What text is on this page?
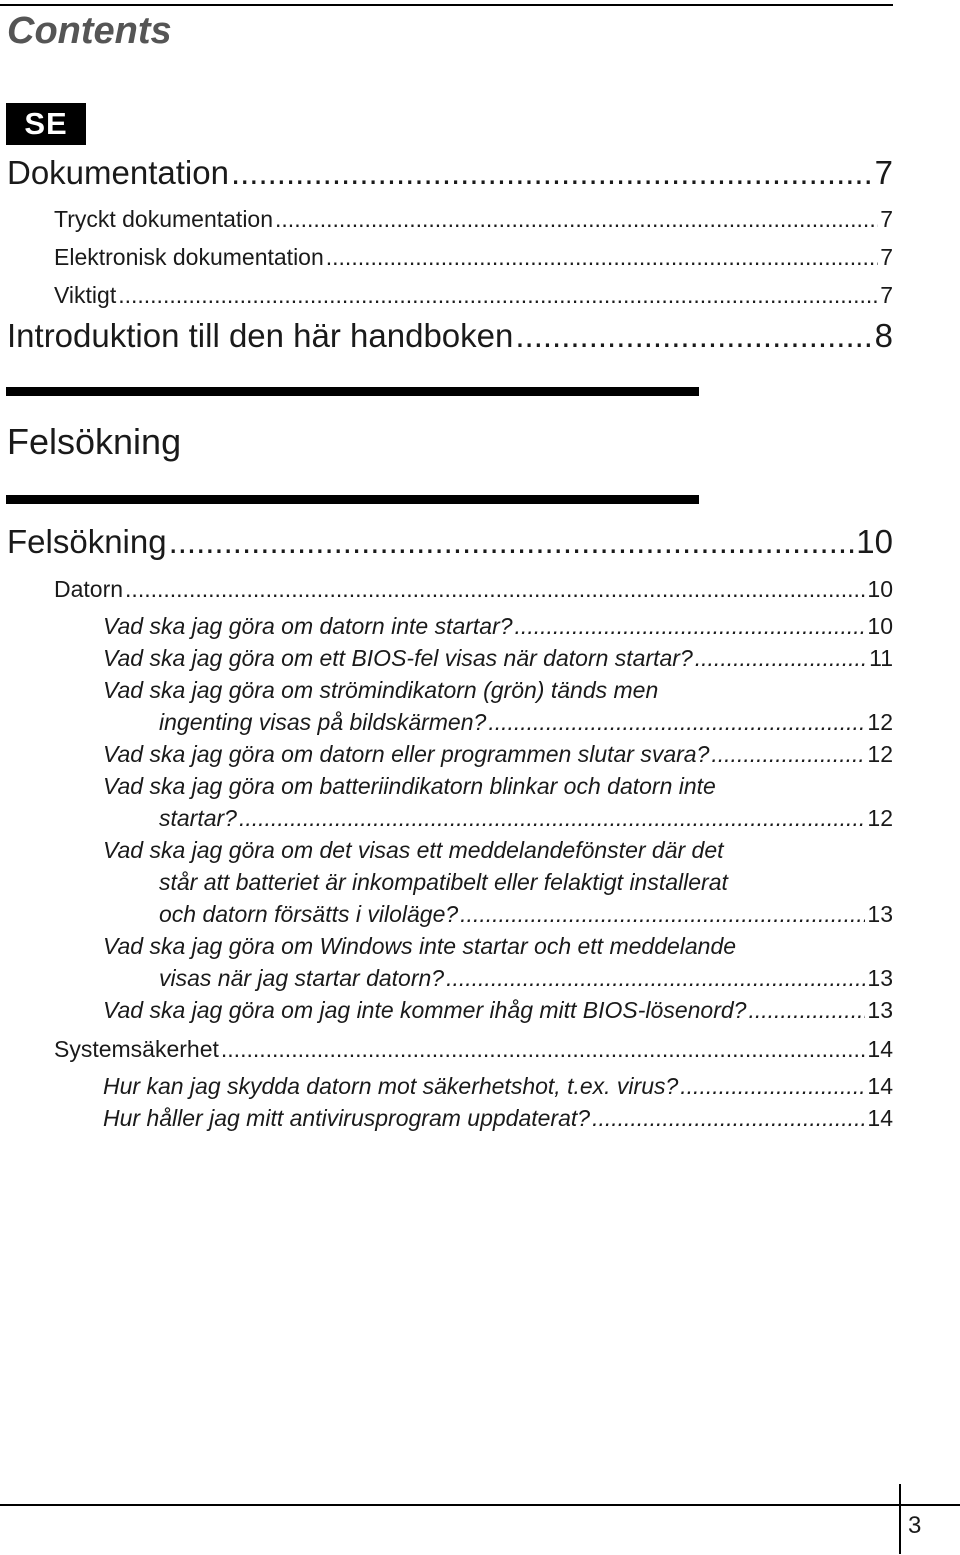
Contents
SE
Dokumentation .....	7
Tryckt dokumentation .....	7
Elektronisk dokumentation .....	7
Viktigt .....	7
Introduktion till den här handboken .....	8
Felsökning
Felsökning .....	10
Datorn .....	10
Vad ska jag göra om datorn inte startar? .....	10
Vad ska jag göra om ett BIOS-fel visas när datorn startar? .....	11
Vad ska jag göra om strömindikatorn (grön) tänds men
ingenting visas på bildskärmen? .....	12
Vad ska jag göra om datorn eller programmen slutar svara? .....	12
Vad ska jag göra om batteriindikatorn blinkar och datorn inte
startar? .....	12
Vad ska jag göra om det visas ett meddelandefönster där det
står att batteriet är inkompatibelt eller felaktigt installerat
och datorn försätts i viloläge? .....	13
Vad ska jag göra om Windows inte startar och ett meddelande
visas när jag startar datorn? .....	13
Vad ska jag göra om jag inte kommer ihåg mitt BIOS-lösenord? .....	13
Systemsäkerhet .....	14
Hur kan jag skydda datorn mot säkerhetshot, t.ex. virus? .....	14
Hur håller jag mitt antivirusprogram uppdaterat? .....	14
3
